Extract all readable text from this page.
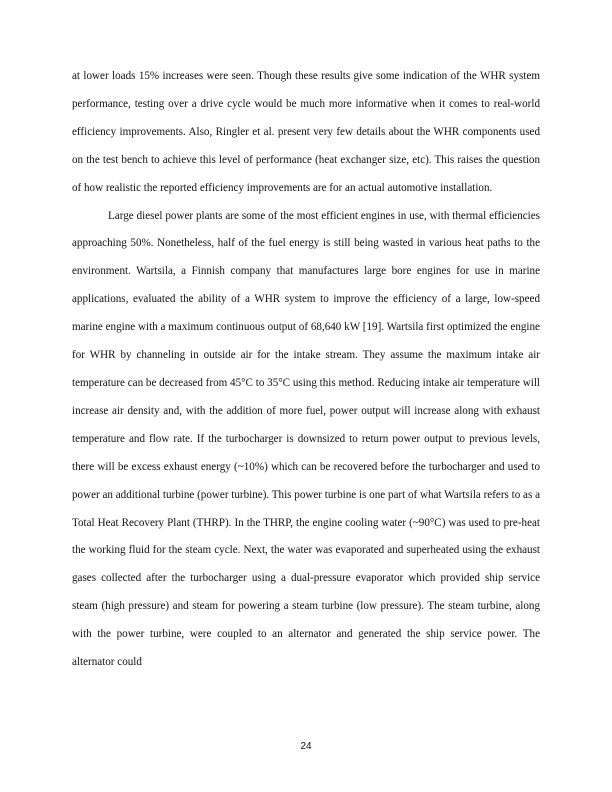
at lower loads 15% increases were seen. Though these results give some indication of the WHR system performance, testing over a drive cycle would be much more informative when it comes to real-world efficiency improvements. Also, Ringler et al. present very few details about the WHR components used on the test bench to achieve this level of performance (heat exchanger size, etc). This raises the question of how realistic the reported efficiency improvements are for an actual automotive installation.

Large diesel power plants are some of the most efficient engines in use, with thermal efficiencies approaching 50%. Nonetheless, half of the fuel energy is still being wasted in various heat paths to the environment. Wartsila, a Finnish company that manufactures large bore engines for use in marine applications, evaluated the ability of a WHR system to improve the efficiency of a large, low-speed marine engine with a maximum continuous output of 68,640 kW [19]. Wartsila first optimized the engine for WHR by channeling in outside air for the intake stream. They assume the maximum intake air temperature can be decreased from 45°C to 35°C using this method. Reducing intake air temperature will increase air density and, with the addition of more fuel, power output will increase along with exhaust temperature and flow rate. If the turbocharger is downsized to return power output to previous levels, there will be excess exhaust energy (~10%) which can be recovered before the turbocharger and used to power an additional turbine (power turbine). This power turbine is one part of what Wartsila refers to as a Total Heat Recovery Plant (THRP). In the THRP, the engine cooling water (~90°C) was used to pre-heat the working fluid for the steam cycle. Next, the water was evaporated and superheated using the exhaust gases collected after the turbocharger using a dual-pressure evaporator which provided ship service steam (high pressure) and steam for powering a steam turbine (low pressure). The steam turbine, along with the power turbine, were coupled to an alternator and generated the ship service power. The alternator could

24
